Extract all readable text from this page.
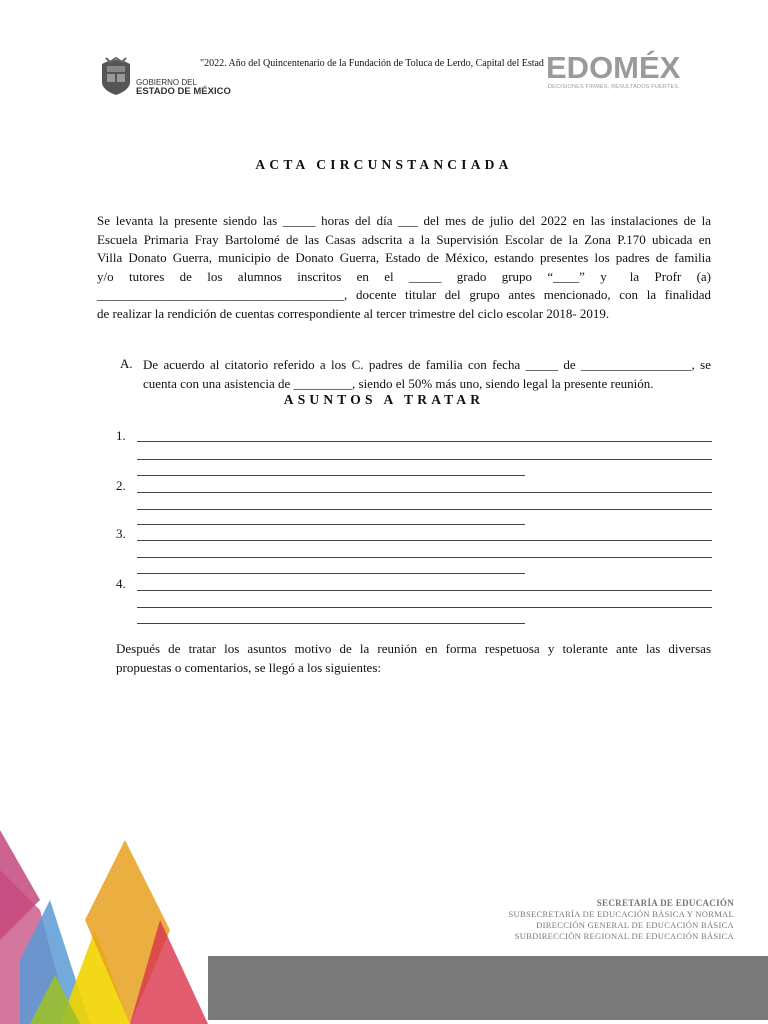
GOBIERNO DEL
ESTADO DE MÉXICO
"2022. Año del Quincentenario de la Fundación de Toluca de Lerdo, Capital del Estad EDOMÉX
DECISIONES FIRMES, RESULTADOS FUERTES.
ACTA CIRCUNSTANCIADA
Se levanta la presente siendo las _____ horas del día ___ del mes de julio del 2022 en las instalaciones de la
Escuela Primaria Fray Bartolomé de las Casas adscrita a la Supervisión Escolar de la Zona P.170 ubicada en
Villa Donato Guerra, municipio de Donato Guerra, Estado de México, estando presentes los padres de familia
y/o  tutores  de  los  alumnos  inscritos  en  el  _____  grado  grupo  “____”  y   la  Profr  (a)
______________________________________, docente titular del grupo antes mencionado, con la finalidad
de realizar la rendición de cuentas correspondiente al tercer trimestre del ciclo escolar 2018- 2019.
A. De acuerdo al citatorio referido a los C. padres de familia con fecha _____ de _________________, se
cuenta con una asistencia de _________, siendo el 50% más uno, siendo legal la presente reunión.
ASUNTOS A TRATAR
1.
2.
3.
4.
Después de tratar los asuntos motivo de la reunión en forma respetuosa y tolerante ante las diversas
propuestas o comentarios, se llegó a los siguientes:
SECRETARÍA DE EDUCACIÓN
SUBSECRETARÍA DE EDUCACIÓN BÁSICA Y NORMAL
DIRECCIÓN GENERAL DE EDUCACIÓN BÁSICA
SUBDIRECCIÓN REGIONAL DE EDUCACIÓN BÁSICA
